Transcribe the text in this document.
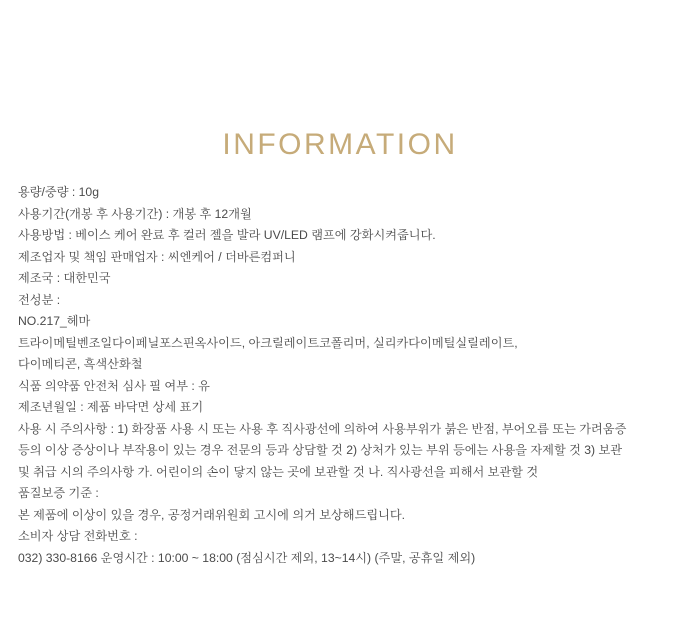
INFORMATION
용량/중량 : 10g
사용기간(개봉 후 사용기간) : 개봉 후 12개월
사용방법 : 베이스 케어 완료 후 컬러 젤을 발라 UV/LED 램프에 강화시켜줍니다.
제조업자 및 책임 판매업자 : 씨엔케어 / 더바른컴퍼니
제조국 : 대한민국
전성분 :
NO.217_헤마
트라이메틸벤조일다이페닐포스핀옥사이드, 아크릴레이트코폴리머, 실리카다이메틸실릴레이트,
다이메티콘, 흑색산화철
식품 의약품 안전처 심사 필 여부 : 유
제조년월일 : 제품 바닥면 상세 표기
사용 시 주의사항 : 1) 화장품 사용 시 또는 사용 후 직사광선에 의하여 사용부위가 붉은 반점, 부어오름 또는 가려움증
등의 이상 증상이나 부작용이 있는 경우 전문의 등과 상담할 것 2) 상처가 있는 부위 등에는 사용을 자제할 것 3) 보관
및 취급 시의 주의사항 가. 어린이의 손이 닿지 않는 곳에 보관할 것 나. 직사광선을 피해서 보관할 것
품질보증 기준 :
본 제품에 이상이 있을 경우, 공정거래위원회 고시에 의거 보상해드립니다.
소비자 상담 전화번호 :
032) 330-8166 운영시간 : 10:00 ~ 18:00 (점심시간 제외, 13~14시) (주말, 공휴일 제외)
